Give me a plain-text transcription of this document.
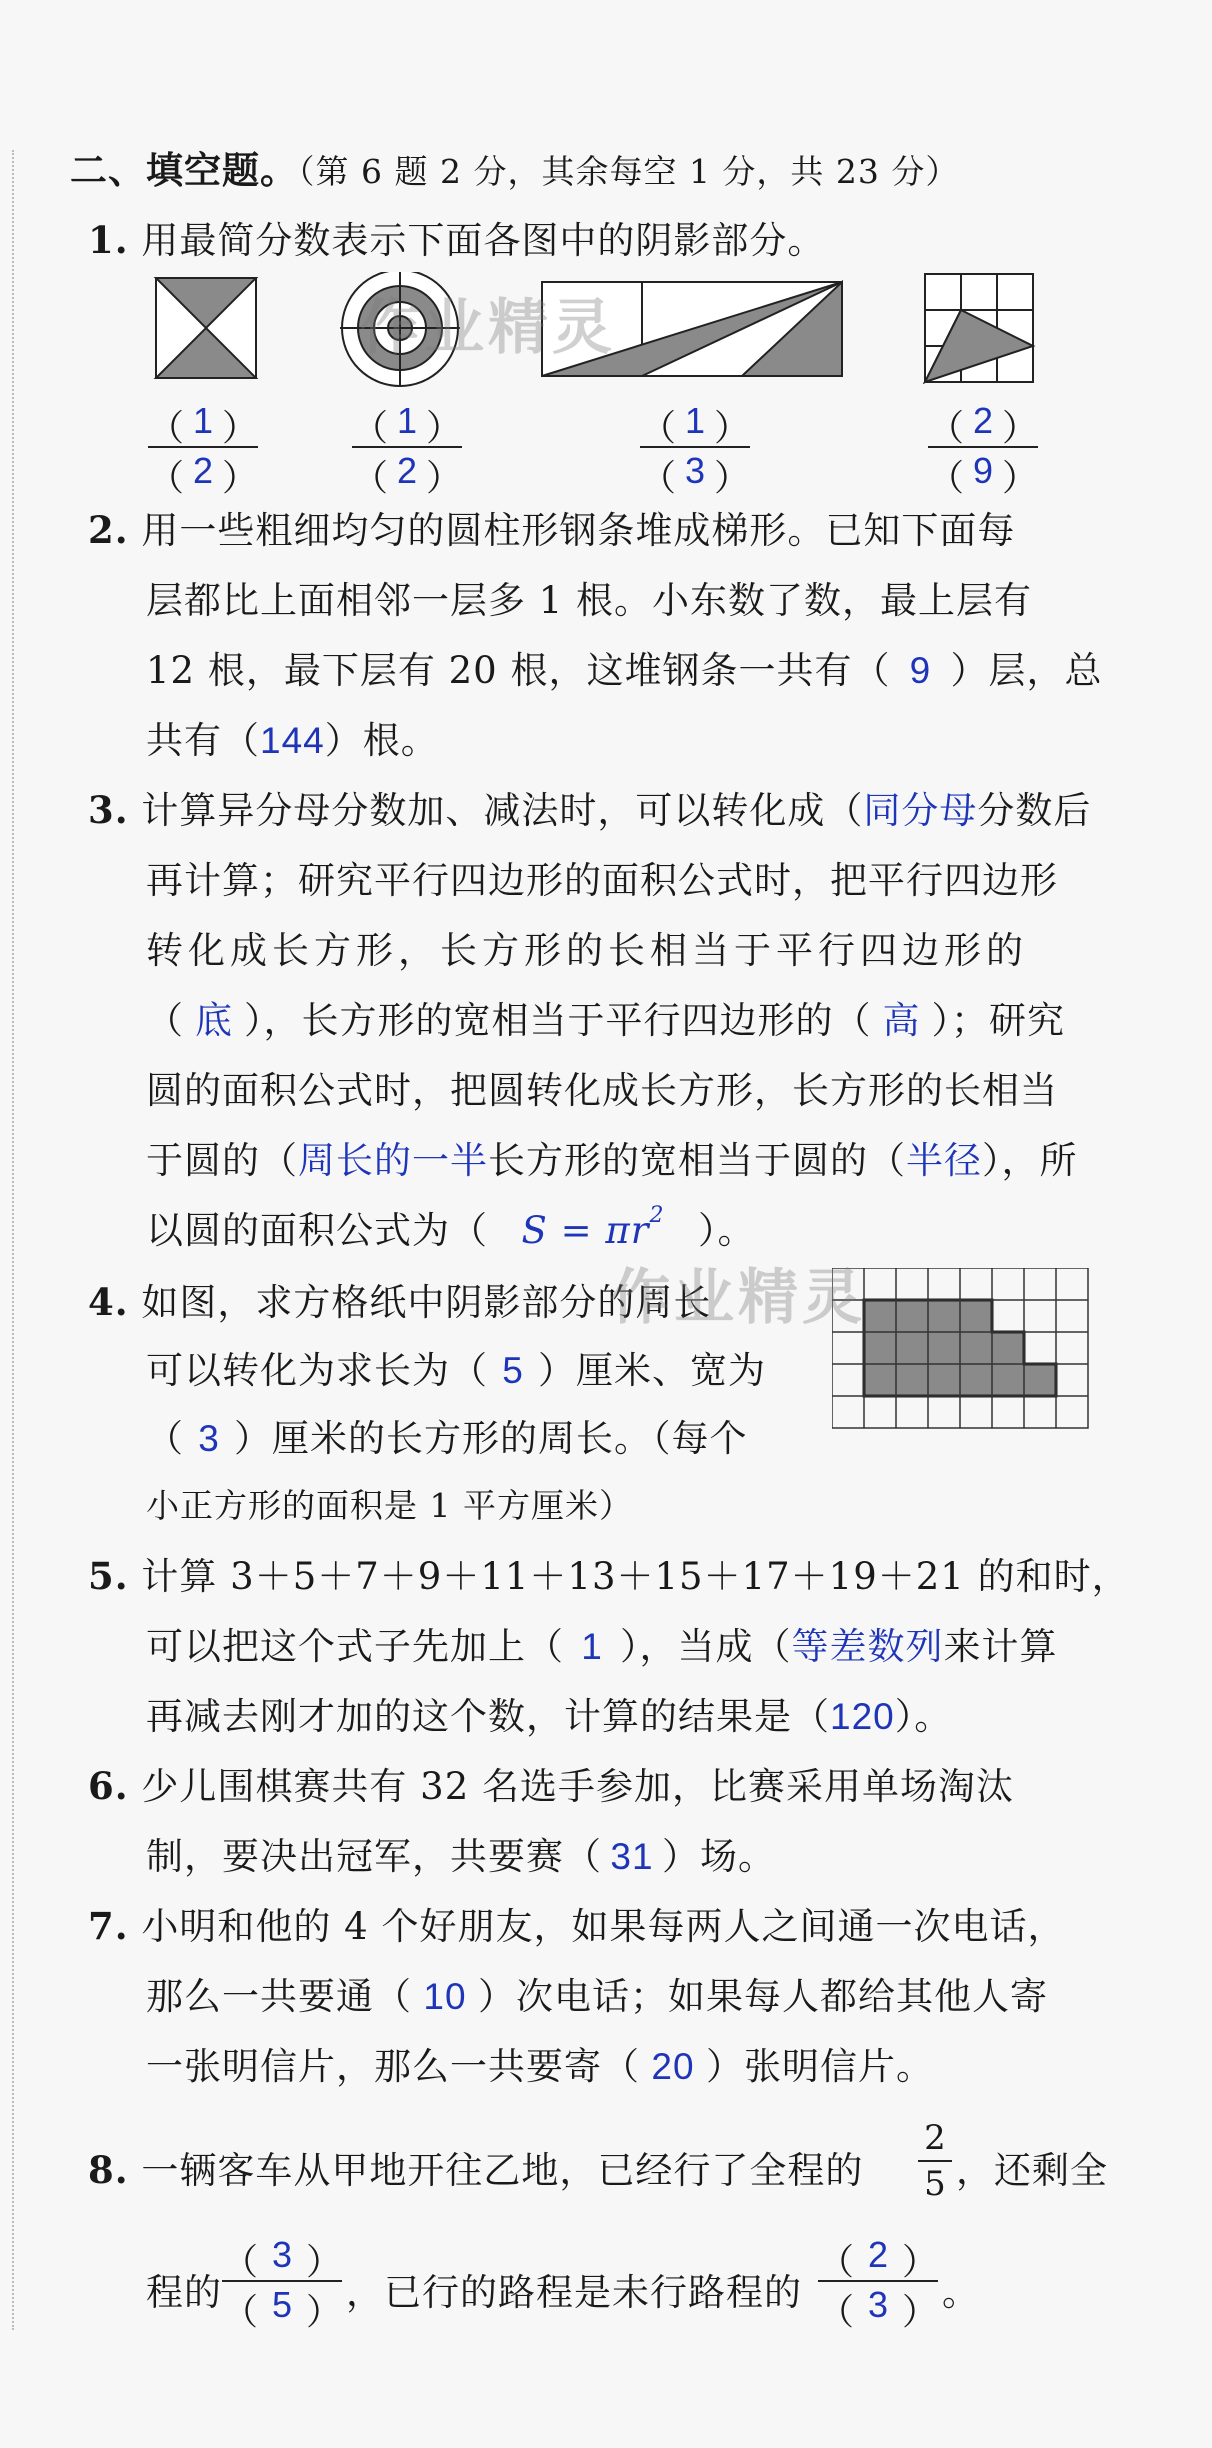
二、填空题。（第 6 题 2 分，其余每空 1 分，共 23 分）
1. 用最简分数表示下面各图中的阴影部分。
（ 1 ）
（ 2 ）
（ 1 ）
（ 2 ）
（ 1 ）
（ 3 ）
（ 2 ）
（ 9 ）
2. 用一些粗细均匀的圆柱形钢条堆成梯形。已知下面每
层都比上面相邻一层多 1 根。小东数了数，最上层有
12 根，最下层有 20 根，这堆钢条一共有（ 9 ）层，总
共有（144）根。
3. 计算异分母分数加、减法时，可以转化成（同分母分数后
再计算；研究平行四边形的面积公式时，把平行四边形
转化成长方形，长方形的长相当于平行四边形的
（ 底 ），长方形的宽相当于平行四边形的（ 高 ）；研究
圆的面积公式时，把圆转化成长方形，长方形的长相当
于圆的（周长的一半长方形的宽相当于圆的（半径），所
以圆的面积公式为（ $S = \pi r^2$ ）。
4. 如图，求方格纸中阴影部分的周长
可以转化为求长为（ 5 ）厘米、宽为
（ 3 ）厘米的长方形的周长。（每个
小正方形的面积是 1 平方厘米）
5. 计算 3＋5＋7＋9＋11＋13＋15＋17＋19＋21 的和时，
可以把这个式子先加上（ 1 ），当成（等差数列来计算
再减去刚才加的这个数，计算的结果是（120）。
6. 少儿围棋赛共有 32 名选手参加，比赛采用单场淘汰
制，要决出冠军，共要赛（ 31 ）场。
7. 小明和他的 4 个好朋友，如果每两人之间通一次电话，
那么一共要通（ 10 ）次电话；如果每人都给其他人寄
一张明信片，那么一共要寄（ 20 ）张明信片。
8. 一辆客车从甲地开往乙地，已经行了全程的
2
5 ，还剩全
程的
（ 3 ）
（ 5 ） ，已行的路程是未行路程的
（ 2 ）
（ 3 ） 。
作业精灵
作业精灵
